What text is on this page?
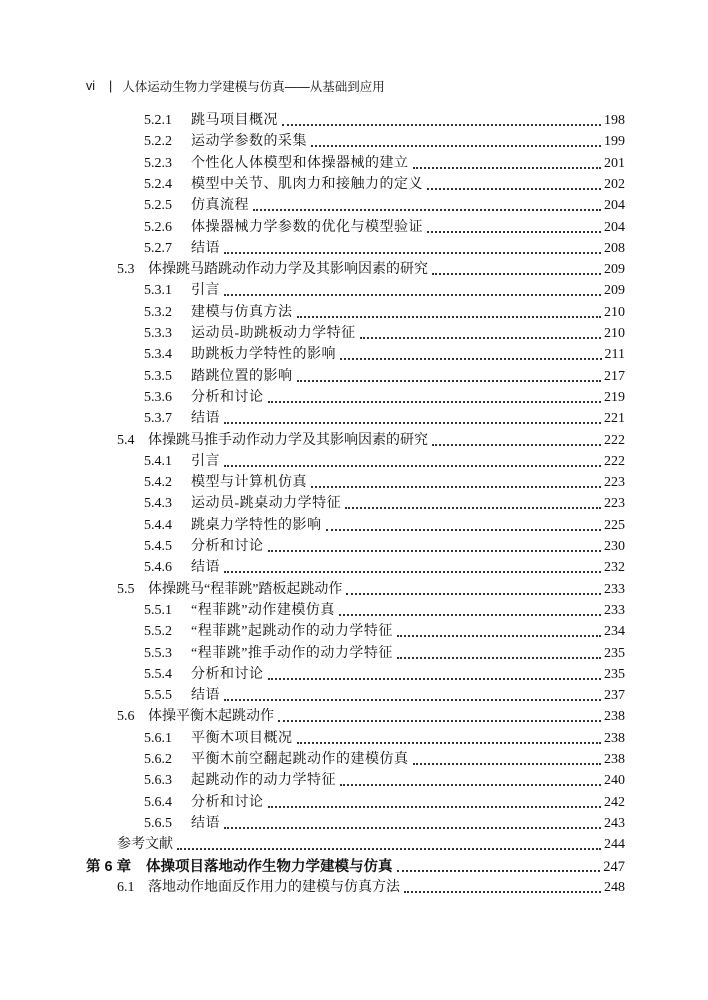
vi | 人体运动生物力学建模与仿真——从基础到应用
5.2.1	跳马项目概况	198
5.2.2	运动学参数的采集	199
5.2.3	个性化人体模型和体操器械的建立	201
5.2.4	模型中关节、肌肉力和接触力的定义	202
5.2.5	仿真流程	204
5.2.6	体操器械力学参数的优化与模型验证	204
5.2.7	结语	208
5.3 体操跳马踏跳动作动力学及其影响因素的研究	209
5.3.1	引言	209
5.3.2	建模与仿真方法	210
5.3.3	运动员-助跳板动力学特征	210
5.3.4	助跳板力学特性的影响	211
5.3.5	踏跳位置的影响	217
5.3.6	分析和讨论	219
5.3.7	结语	221
5.4 体操跳马推手动作动力学及其影响因素的研究	222
5.4.1	引言	222
5.4.2	模型与计算机仿真	223
5.4.3	运动员-跳桌动力学特征	223
5.4.4	跳桌力学特性的影响	225
5.4.5	分析和讨论	230
5.4.6	结语	232
5.5 体操跳马“程菲跳”踏板起跳动作	233
5.5.1	“程菲跳”动作建模仿真	233
5.5.2	“程菲跳”起跳动作的动力学特征	234
5.5.3	“程菲跳”推手动作的动力学特征	235
5.5.4	分析和讨论	235
5.5.5	结语	237
5.6 体操平衡木起跳动作	238
5.6.1	平衡木项目概况	238
5.6.2	平衡木前空翻起跳动作的建模仿真	238
5.6.3	起跳动作的动力学特征	240
5.6.4	分析和讨论	242
5.6.5	结语	243
参考文献	244
第 6 章	体操项目落地动作生物力学建模与仿真	247
6.1 落地动作地面反作用力的建模与仿真方法	248
